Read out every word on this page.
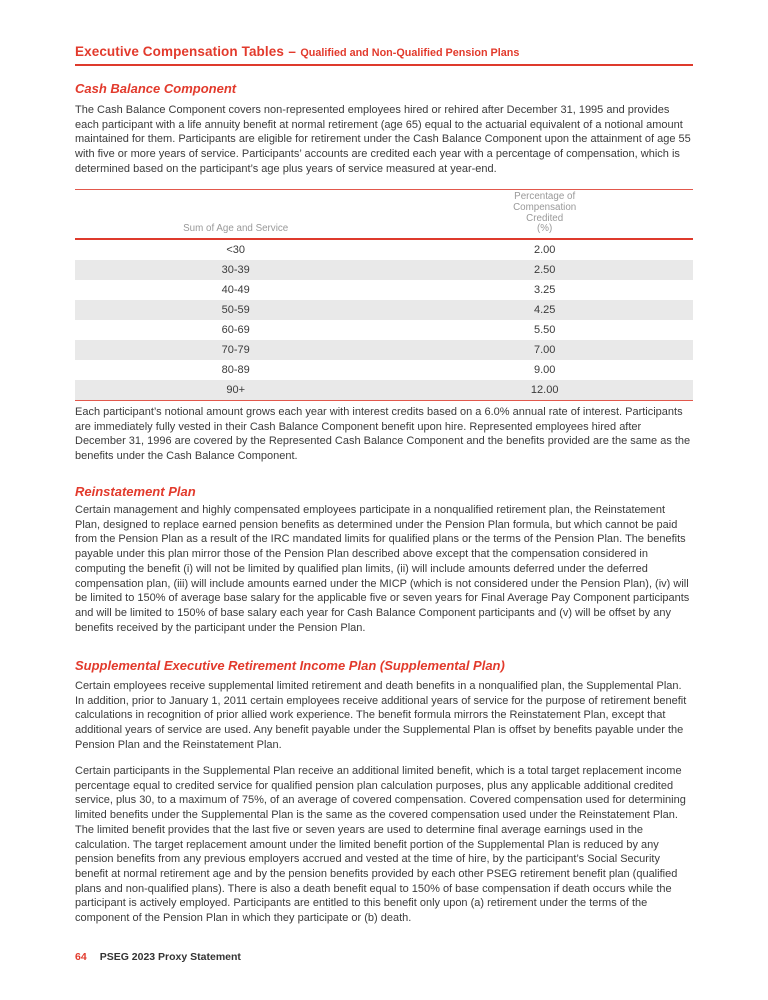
Executive Compensation Tables – Qualified and Non-Qualified Pension Plans
Cash Balance Component

The Cash Balance Component covers non-represented employees hired or rehired after December 31, 1995 and provides each participant with a life annuity benefit at normal retirement (age 65) equal to the actuarial equivalent of a notional amount maintained for them. Participants are eligible for retirement under the Cash Balance Component upon the attainment of age 55 with five or more years of service. Participants’ accounts are credited each year with a percentage of compensation, which is determined based on the participant’s age plus years of service measured at year-end.

Sum of Age and Service	Percentage of
Compensation
Credited
(%)

<30	2.00
30-39	2.50
40-49	3.25
50-59	4.25
60-69	5.50
70-79	7.00
80-89	9.00
90+	12.00

Each participant’s notional amount grows each year with interest credits based on a 6.0% annual rate of interest. Participants are immediately fully vested in their Cash Balance Component benefit upon hire. Represented employees hired after December 31, 1996 are covered by the Represented Cash Balance Component and the benefits provided are the same as the benefits under the Cash Balance Component.

Reinstatement Plan

Certain management and highly compensated employees participate in a nonqualified retirement plan, the Reinstatement Plan, designed to replace earned pension benefits as determined under the Pension Plan formula, but which cannot be paid from the Pension Plan as a result of the IRC mandated limits for qualified plans or the terms of the Pension Plan. The benefits payable under this plan mirror those of the Pension Plan described above except that the compensation considered in computing the benefit (i) will not be limited by qualified plan limits, (ii) will include amounts deferred under the deferred compensation plan, (iii) will include amounts earned under the MICP (which is not considered under the Pension Plan), (iv) will be limited to 150% of average base salary for the applicable five or seven years for Final Average Pay Component participants and will be limited to 150% of base salary each year for Cash Balance Component participants and (v) will be offset by any benefits received by the participant under the Pension Plan.

Supplemental Executive Retirement Income Plan (Supplemental Plan)

Certain employees receive supplemental limited retirement and death benefits in a nonqualified plan, the Supplemental Plan. In addition, prior to January 1, 2011 certain employees receive additional years of service for the purpose of retirement benefit calculations in recognition of prior allied work experience. The benefit formula mirrors the Reinstatement Plan, except that additional years of service are used. Any benefit payable under the Supplemental Plan is offset by benefits payable under the Pension Plan and the Reinstatement Plan.

Certain participants in the Supplemental Plan receive an additional limited benefit, which is a total target replacement income percentage equal to credited service for qualified pension plan calculation purposes, plus any applicable additional credited service, plus 30, to a maximum of 75%, of an average of covered compensation. Covered compensation used for determining limited benefits under the Supplemental Plan is the same as the covered compensation used under the Reinstatement Plan. The limited benefit provides that the last five or seven years are used to determine final average earnings used in the calculation. The target replacement amount under the limited benefit portion of the Supplemental Plan is reduced by any pension benefits from any previous employers accrued and vested at the time of hire, by the participant’s Social Security benefit at normal retirement age and by the pension benefits provided by each other PSEG retirement benefit plan (qualified plans and non-qualified plans). There is also a death benefit equal to 150% of base compensation if death occurs while the participant is actively employed. Participants are entitled to this benefit only upon (a) retirement under the terms of the component of the Pension Plan in which they participate or (b) death.

64 PSEG 2023 Proxy Statement
